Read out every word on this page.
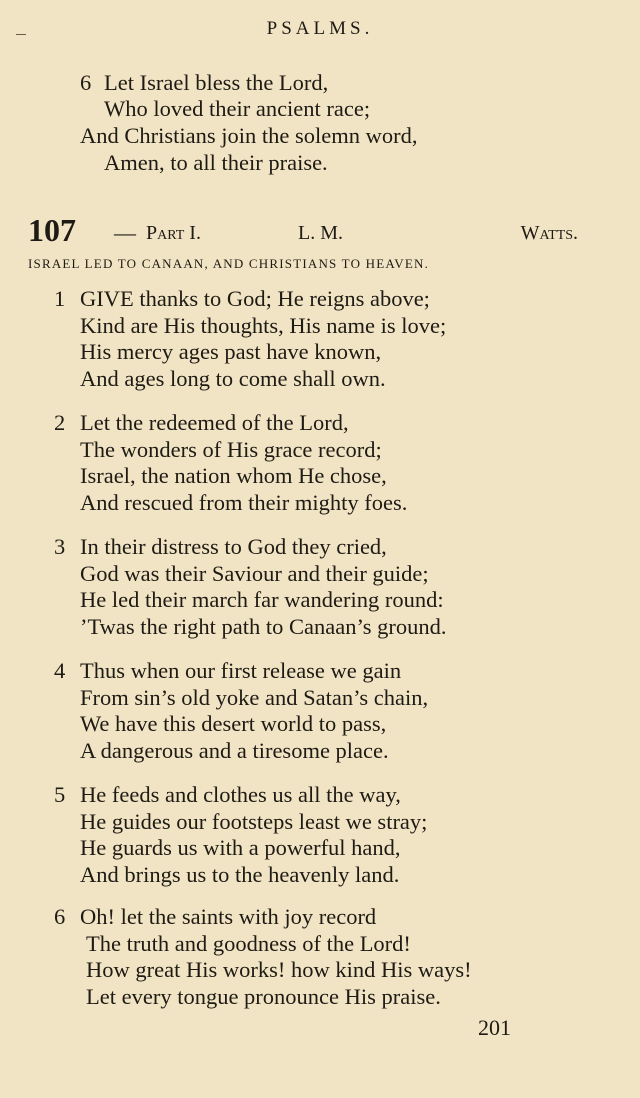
PSALMS.
6 Let Israel bless the Lord,
Who loved their ancient race;
And Christians join the solemn word,
Amen, to all their praise.
107 — Part I.	L. M.	Watts.
ISRAEL LED TO CANAAN, AND CHRISTIANS TO HEAVEN.
1 GIVE thanks to God; He reigns above;
Kind are His thoughts, His name is love;
His mercy ages past have known,
And ages long to come shall own.
2 Let the redeemed of the Lord,
The wonders of His grace record;
Israel, the nation whom He chose,
And rescued from their mighty foes.
3 In their distress to God they cried,
God was their Saviour and their guide;
He led their march far wandering round:
’Twas the right path to Canaan’s ground.
4 Thus when our first release we gain
From sin’s old yoke and Satan’s chain,
We have this desert world to pass,
A dangerous and a tiresome place.
5 He feeds and clothes us all the way,
He guides our footsteps least we stray;
He guards us with a powerful hand,
And brings us to the heavenly land.
6 Oh! let the saints with joy record
The truth and goodness of the Lord!
How great His works! how kind His ways!
Let every tongue pronounce His praise.
201
